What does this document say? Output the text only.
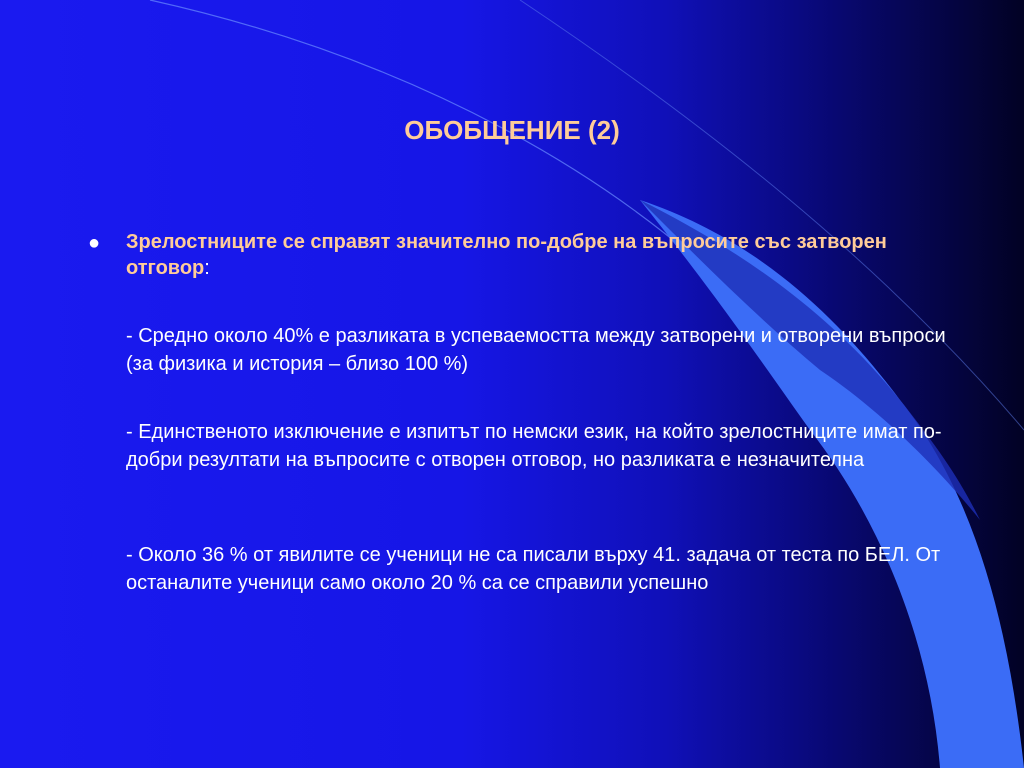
ОБОБЩЕНИЕ (2)
● Зрелостниците се справят значително по-добре на въпросите със затворен отговор:
- Средно около 40% е разликата в успеваемостта между затворени и отворени въпроси (за физика и история – близо 100 %)
- Единственото изключение е изпитът по немски език, на който зрелостниците имат по-добри резултати на въпросите с отворен отговор, но разликата е незначителна
- Около 36 % от явилите се ученици не са писали върху 41. задача от теста по БЕЛ. От останалите ученици само около 20 % са се справили успешно
